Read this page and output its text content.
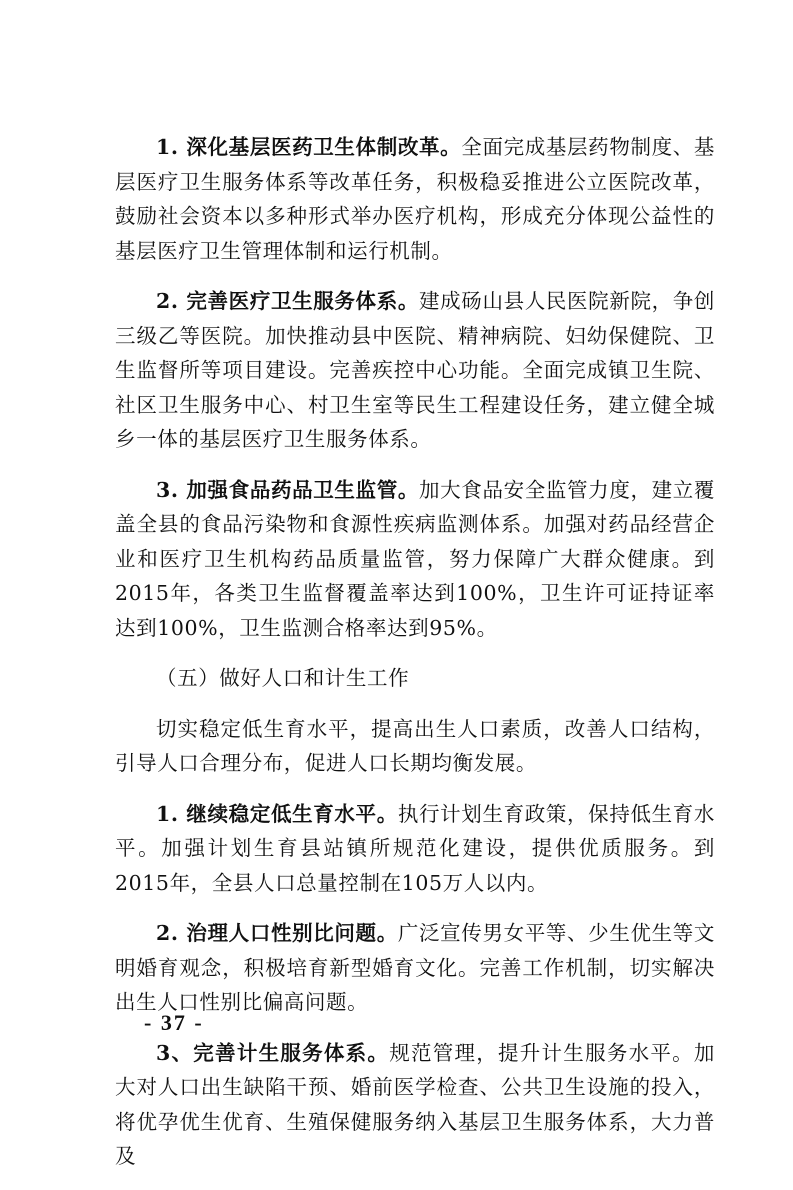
1. 深化基层医药卫生体制改革。全面完成基层药物制度、基层医疗卫生服务体系等改革任务，积极稳妥推进公立医院改革，鼓励社会资本以多种形式举办医疗机构，形成充分体现公益性的基层医疗卫生管理体制和运行机制。

2. 完善医疗卫生服务体系。建成砀山县人民医院新院，争创三级乙等医院。加快推动县中医院、精神病院、妇幼保健院、卫生监督所等项目建设。完善疾控中心功能。全面完成镇卫生院、社区卫生服务中心、村卫生室等民生工程建设任务，建立健全城乡一体的基层医疗卫生服务体系。

3. 加强食品药品卫生监管。加大食品安全监管力度，建立覆盖全县的食品污染物和食源性疾病监测体系。加强对药品经营企业和医疗卫生机构药品质量监管，努力保障广大群众健康。到2015年，各类卫生监督覆盖率达到100%，卫生许可证持证率达到100%，卫生监测合格率达到95%。

（五）做好人口和计生工作

切实稳定低生育水平，提高出生人口素质，改善人口结构，引导人口合理分布，促进人口长期均衡发展。

1. 继续稳定低生育水平。执行计划生育政策，保持低生育水平。加强计划生育县站镇所规范化建设，提供优质服务。到2015年，全县人口总量控制在105万人以内。

2. 治理人口性别比问题。广泛宣传男女平等、少生优生等文明婚育观念，积极培育新型婚育文化。完善工作机制，切实解决出生人口性别比偏高问题。

3、完善计生服务体系。规范管理，提升计生服务水平。加大对人口出生缺陷干预、婚前医学检查、公共卫生设施的投入，将优孕优生优育、生殖保健服务纳入基层卫生服务体系，大力普及

- 37 -
